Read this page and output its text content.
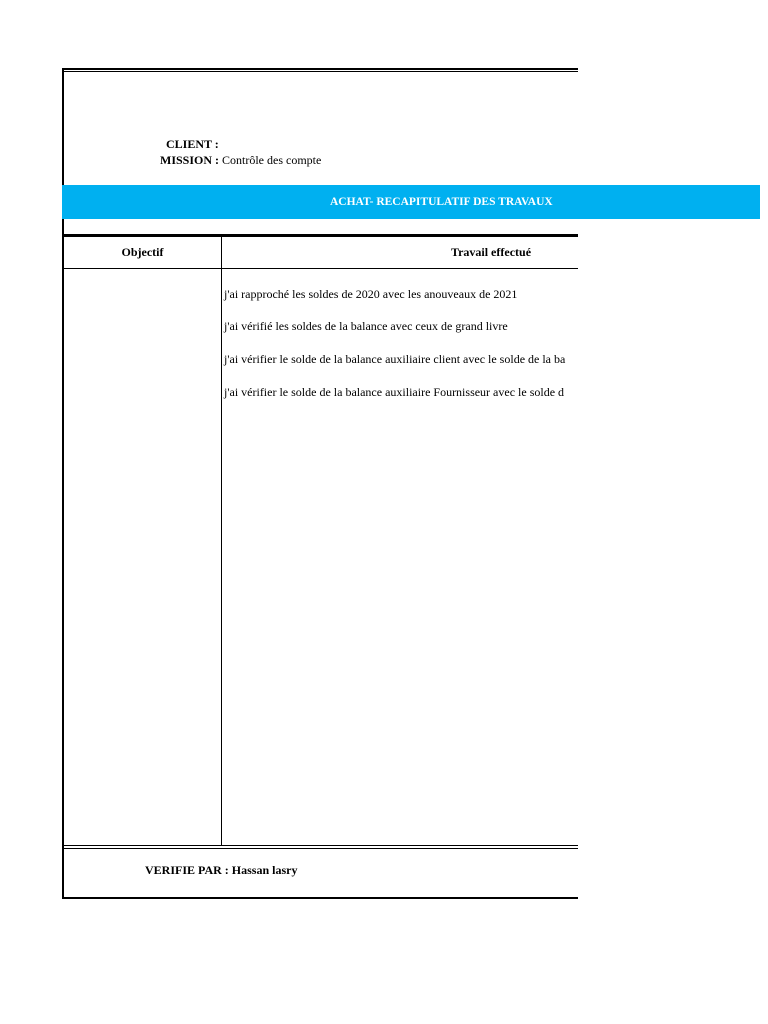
CLIENT :
MISSION : Contrôle des compte
ACHAT- RECAPITULATIF DES TRAVAUX
Objectif	Travail effectué
j'ai rapproché les soldes de 2020 avec les anouveaux de 2021
j'ai vérifié les soldes de la balance avec ceux de grand livre
j'ai vérifier le solde de la balance auxiliaire client avec le solde de la ba
j'ai vérifier le solde de la balance auxiliaire Fournisseur avec le solde d
VERIFIE PAR : Hassan lasry
